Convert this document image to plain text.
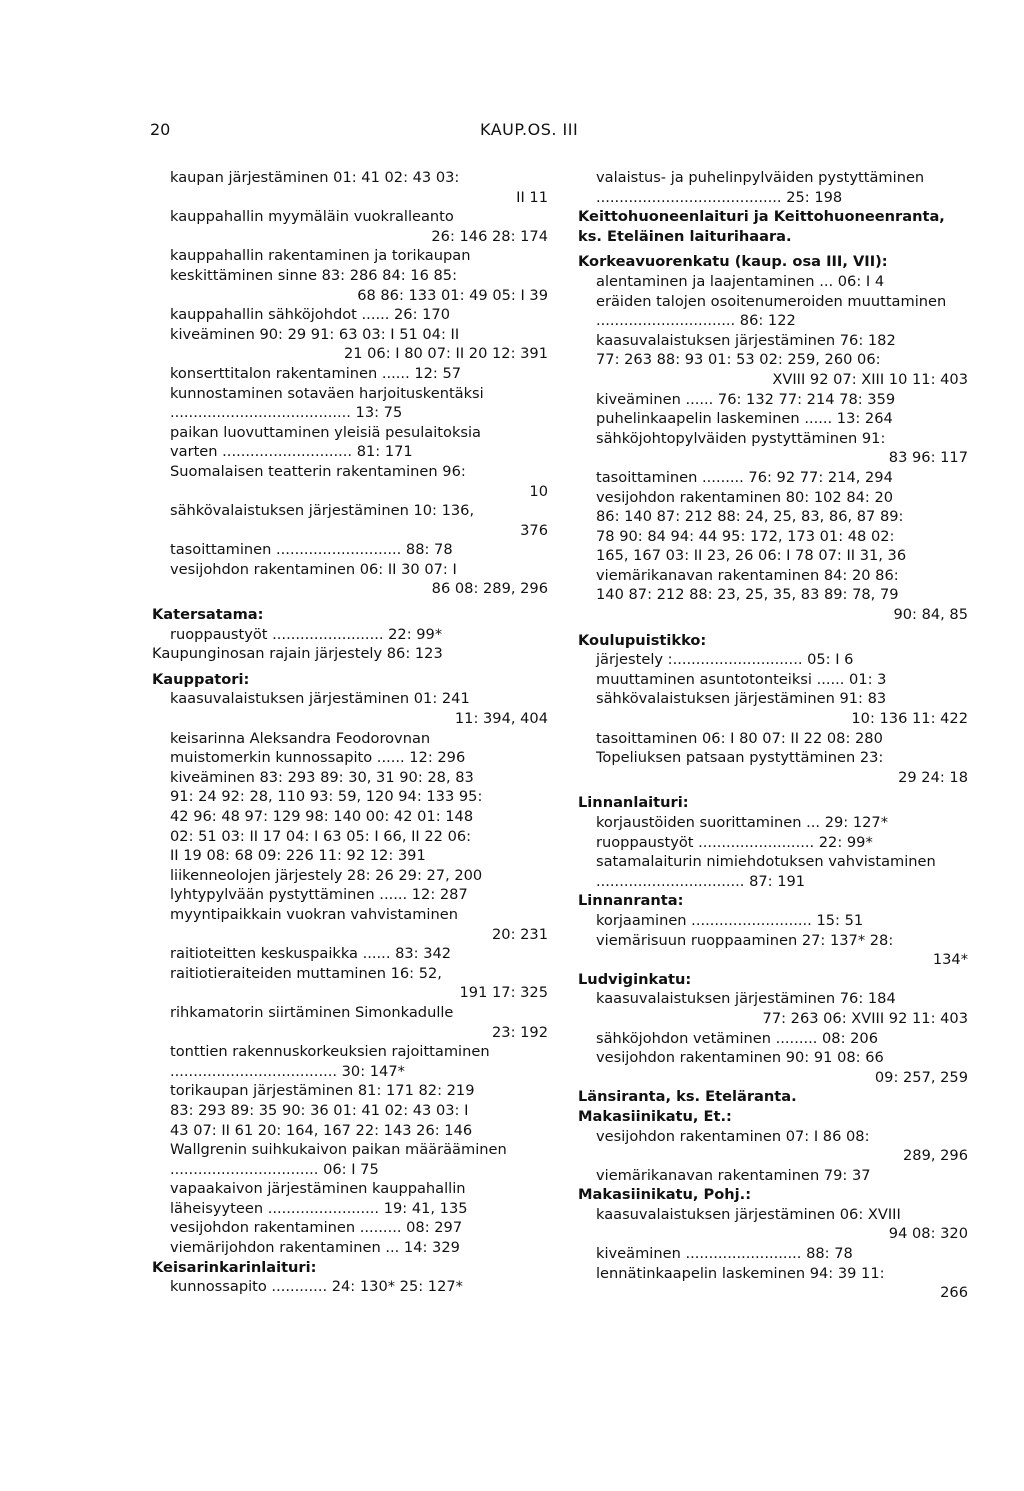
20	KAUP.OS. III
kaupan järjestäminen 01: 41 02: 43 03:
II 11
kauppahallin myymäläin vuokralleanto
26: 146 28: 174
kauppahallin rakentaminen ja torikaupan
keskittäminen sinne 83: 286 84: 16 85:
68 86: 133 01: 49 05: I 39
kauppahallin sähköjohdot ...... 26: 170
kiveäminen 90: 29 91: 63 03: I 51 04: II
21 06: I 80 07: II 20 12: 391
konserttitalon rakentaminen ...... 12: 57
kunnostaminen sotaväen harjoituskentäksi
....................................... 13: 75
paikan luovuttaminen yleisiä pesulaitoksia
varten ............................ 81: 171
Suomalaisen teatterin rakentaminen 96:
10
sähkövalaistuksen järjestäminen 10: 136,
376
tasoittaminen ........................... 88: 78
vesijohdon rakentaminen 06: II 30 07: I
86 08: 289, 296
Katersatama:
ruoppaustyöt ........................ 22: 99*
Kaupunginosan rajain järjestely 86: 123
Kauppatori:
kaasuvalaistuksen järjestäminen 01: 241
11: 394, 404
keisarinna Aleksandra Feodorovnan
muistomerkin kunnossapito ...... 12: 296
kiveäminen 83: 293 89: 30, 31 90: 28, 83
91: 24 92: 28, 110 93: 59, 120 94: 133 95:
42 96: 48 97: 129 98: 140 00: 42 01: 148
02: 51 03: II 17 04: I 63 05: I 66, II 22 06:
II 19 08: 68 09: 226 11: 92 12: 391
liikenneolojen järjestely 28: 26 29: 27, 200
lyhtypylvään pystyttäminen ...... 12: 287
myyntipaikkain vuokran vahvistaminen
20: 231
raitioteitten keskuspaikka ...... 83: 342
raitiotieraiteiden muttaminen 16: 52,
191 17: 325
rihkamatorin siirtäminen Simonkadulle
23: 192
tonttien rakennuskorkeuksien rajoittaminen
.................................... 30: 147*
torikaupan järjestäminen 81: 171 82: 219
83: 293 89: 35 90: 36 01: 41 02: 43 03: I
43 07: II 61 20: 164, 167 22: 143 26: 146
Wallgrenin suihkukaivon paikan määrääminen
................................ 06: I 75
vapaakaivon järjestäminen kauppahallin
läheisyyteen ........................ 19: 41, 135
vesijohdon rakentaminen ......... 08: 297
viemärijohdon rakentaminen ... 14: 329
Keisarinkarinlaituri:
kunnossapito ............ 24: 130* 25: 127*
valaistus- ja puhelinpylväiden pystyttäminen
........................................ 25: 198
Keittohuoneenlaituri ja Keittohuoneenranta,
ks. Eteläinen laiturihaara.
Korkeavuorenkatu (kaup. osa III, VII):
alentaminen ja laajentaminen ... 06: I 4
eräiden talojen osoitenumeroiden muuttaminen
.............................. 86: 122
kaasuvalaistuksen järjestäminen 76: 182
77: 263 88: 93 01: 53 02: 259, 260 06:
XVIII 92 07: XIII 10 11: 403
kiveäminen ...... 76: 132 77: 214 78: 359
puhelinkaapelin laskeminen ...... 13: 264
sähköjohtopylväiden pystyttäminen 91:
83 96: 117
tasoittaminen ......... 76: 92 77: 214, 294
vesijohdon rakentaminen 80: 102 84: 20
86: 140 87: 212 88: 24, 25, 83, 86, 87 89:
78 90: 84 94: 44 95: 172, 173 01: 48 02:
165, 167 03: II 23, 26 06: I 78 07: II 31, 36
viemärikanavan rakentaminen 84: 20 86:
140 87: 212 88: 23, 25, 35, 83 89: 78, 79
90: 84, 85
Koulupuistikko:
järjestely :............................ 05: I 6
muuttaminen asuntotonteiksi ...... 01: 3
sähkövalaistuksen järjestäminen 91: 83
10: 136 11: 422
tasoittaminen 06: I 80 07: II 22 08: 280
Topeliuksen patsaan pystyttäminen 23:
29 24: 18
Linnanlaituri:
korjaustöiden suorittaminen ... 29: 127*
ruoppaustyöt ......................... 22: 99*
satamalaiturin nimiehdotuksen vahvistaminen
................................ 87: 191
Linnanranta:
korjaaminen .......................... 15: 51
viemärisuun ruoppaaminen 27: 137* 28:
134*
Ludviginkatu:
kaasuvalaistuksen järjestäminen 76: 184
77: 263 06: XVIII 92 11: 403
sähköjohdon vetäminen ......... 08: 206
vesijohdon rakentaminen 90: 91 08: 66
09: 257, 259
Länsiranta, ks. Eteläranta.
Makasiinikatu, Et.:
vesijohdon rakentaminen 07: I 86 08:
289, 296
viemärikanavan rakentaminen 79: 37
Makasiinikatu, Pohj.:
kaasuvalaistuksen järjestäminen 06: XVIII
94 08: 320
kiveäminen ......................... 88: 78
lennätinkaapelin laskeminen 94: 39 11:
266
